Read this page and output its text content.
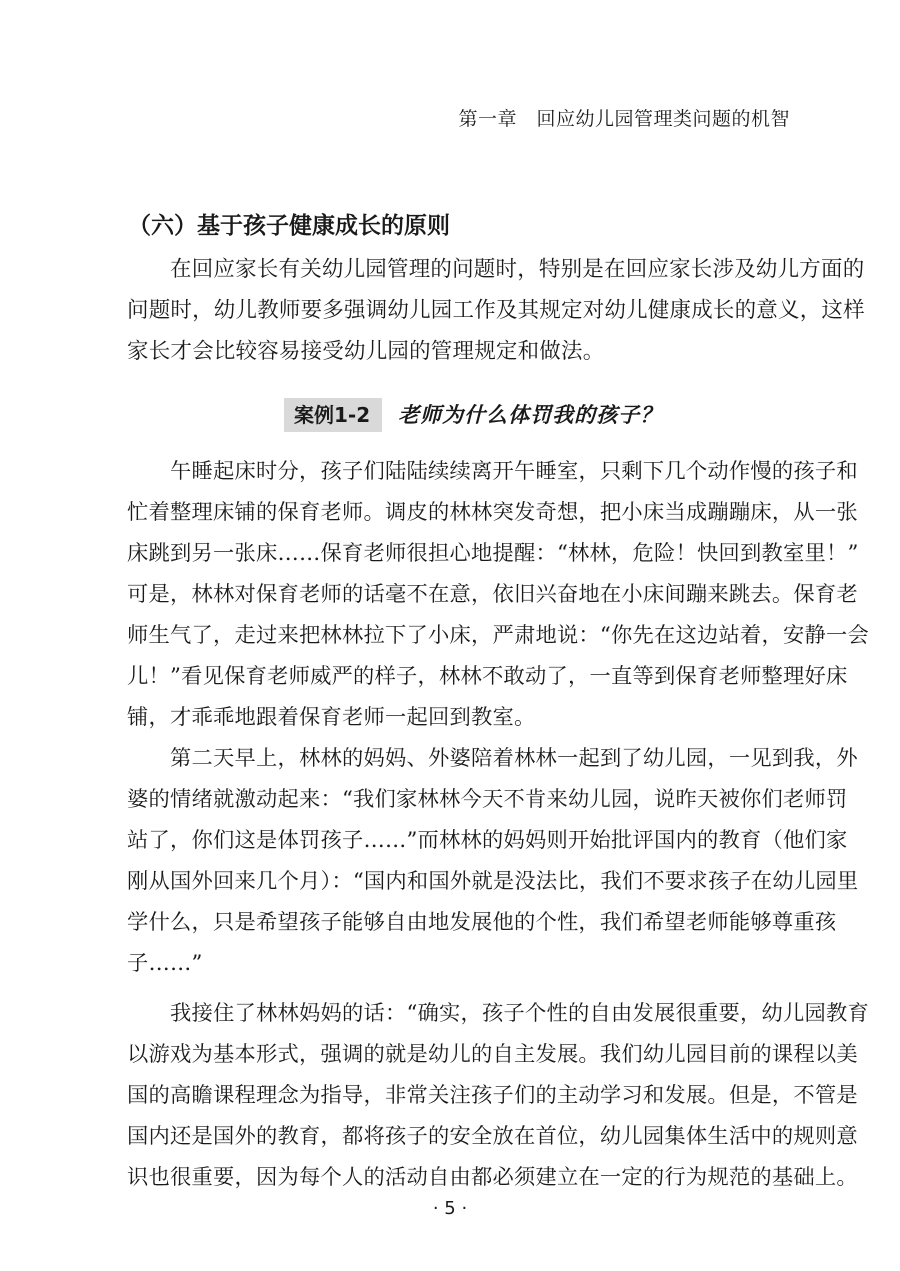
第一章　回应幼儿园管理类问题的机智
（六）基于孩子健康成长的原则
在回应家长有关幼儿园管理的问题时，特别是在回应家长涉及幼儿方面的
问题时，幼儿教师要多强调幼儿园工作及其规定对幼儿健康成长的意义，这样
家长才会比较容易接受幼儿园的管理规定和做法。
案例1-2	老师为什么体罚我的孩子？
午睡起床时分，孩子们陆陆续续离开午睡室，只剩下几个动作慢的孩子和
忙着整理床铺的保育老师。调皮的林林突发奇想，把小床当成蹦蹦床，从一张
床跳到另一张床……保育老师很担心地提醒：“林林，危险！快回到教室里！”
可是，林林对保育老师的话毫不在意，依旧兴奋地在小床间蹦来跳去。保育老
师生气了，走过来把林林拉下了小床，严肃地说：“你先在这边站着，安静一会
儿！”看见保育老师威严的样子，林林不敢动了，一直等到保育老师整理好床
铺，才乖乖地跟着保育老师一起回到教室。
第二天早上，林林的妈妈、外婆陪着林林一起到了幼儿园，一见到我，外
婆的情绪就激动起来：“我们家林林今天不肯来幼儿园，说昨天被你们老师罚
站了，你们这是体罚孩子……”而林林的妈妈则开始批评国内的教育（他们家
刚从国外回来几个月）：“国内和国外就是没法比，我们不要求孩子在幼儿园里
学什么，只是希望孩子能够自由地发展他的个性，我们希望老师能够尊重孩
子……”
我接住了林林妈妈的话：“确实，孩子个性的自由发展很重要，幼儿园教育
以游戏为基本形式，强调的就是幼儿的自主发展。我们幼儿园目前的课程以美
国的高瞻课程理念为指导，非常关注孩子们的主动学习和发展。但是，不管是
国内还是国外的教育，都将孩子的安全放在首位，幼儿园集体生活中的规则意
识也很重要，因为每个人的活动自由都必须建立在一定的行为规范的基础上。
· 5 ·
